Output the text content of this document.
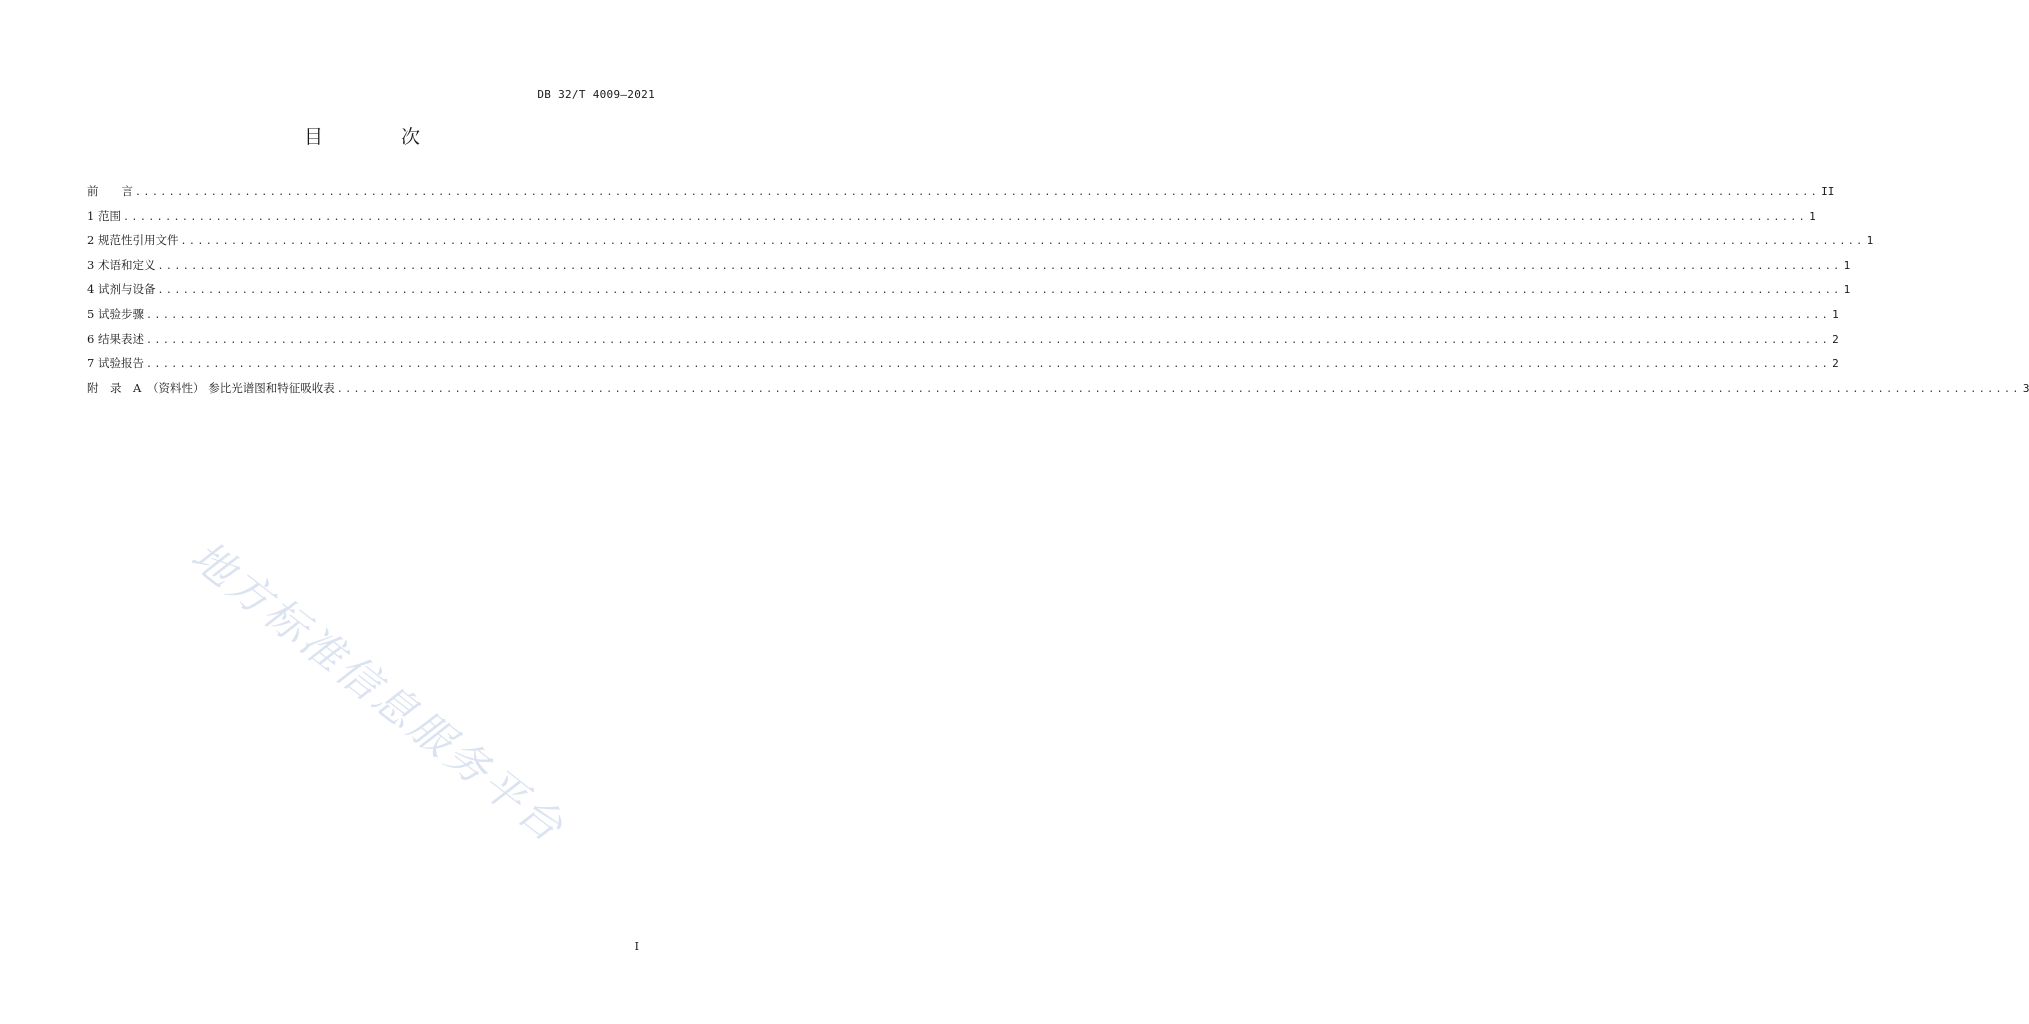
DB 32/T 4009—2021
目 次
前　　言 ........................................................................................................................................................................................................ II
1 范围 ........................................................................................................................................................................................................ 1
2 规范性引用文件 ........................................................................................................................................................................................................ 1
3 术语和定义 ........................................................................................................................................................................................................ 1
4 试剂与设备 ........................................................................................................................................................................................................ 1
5 试验步骤 ........................................................................................................................................................................................................ 1
6 结果表述 ........................................................................................................................................................................................................ 2
7 试验报告 ........................................................................................................................................................................................................ 2
附　录　A　（资料性） 参比光谱图和特征吸收表 ........................................................................................................................................................................................................ 3
地方标准信息服务平台
I
